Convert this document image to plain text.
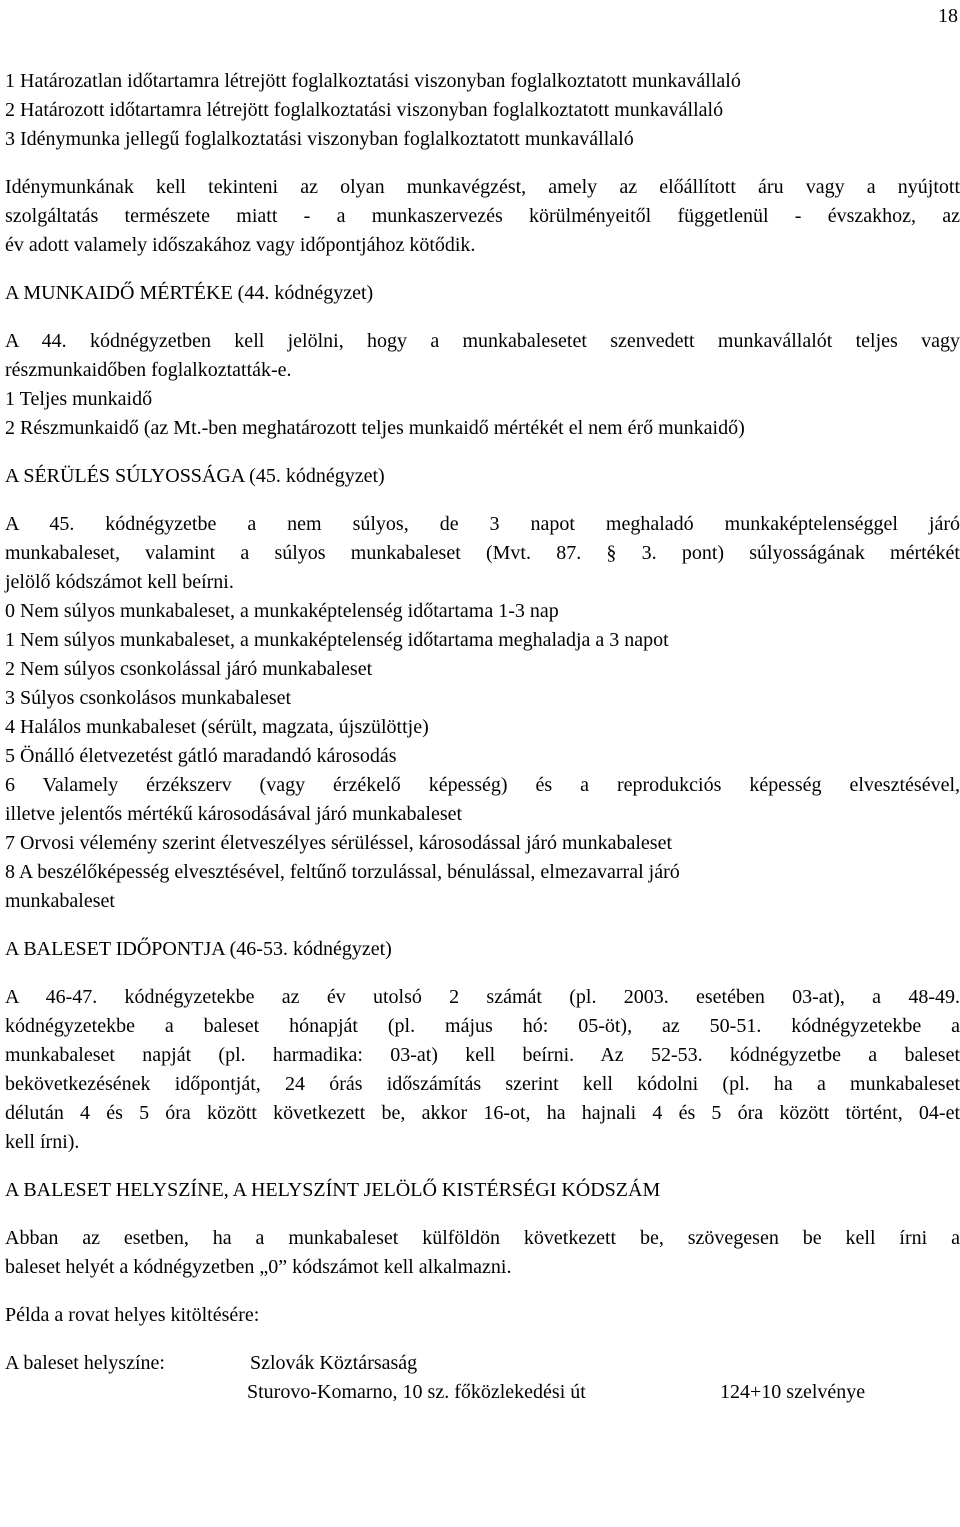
18
1 Határozatlan időtartamra létrejött foglalkoztatási viszonyban foglalkoztatott munkavállaló
2 Határozott időtartamra létrejött foglalkoztatási viszonyban foglalkoztatott munkavállaló
3 Idénymunka jellegű foglalkoztatási viszonyban foglalkoztatott munkavállaló
Idénymunkának kell tekinteni az olyan munkavégzést, amely az előállított áru vagy a nyújtott
szolgáltatás természete miatt - a munkaszervezés körülményeitől függetlenül - évszakhoz, az
év adott valamely időszakához vagy időpontjához kötődik.
A MUNKAIDŐ MÉRTÉKE (44. kódnégyzet)
A 44. kódnégyzetben kell jelölni, hogy a munkabalesetet szenvedett munkavállalót teljes vagy
részmunkaidőben foglalkoztatták-e.
1 Teljes munkaidő
2 Részmunkaidő (az Mt.-ben meghatározott teljes munkaidő mértékét el nem érő munkaidő)
A SÉRÜLÉS SÚLYOSSÁGA (45. kódnégyzet)
A 45. kódnégyzetbe a nem súlyos, de 3 napot meghaladó munkaképtelenséggel járó
munkabaleset, valamint a súlyos munkabaleset (Mvt. 87. § 3. pont) súlyosságának mértékét
jelölő kódszámot kell beírni.
0 Nem súlyos munkabaleset, a munkaképtelenség időtartama 1-3 nap
1 Nem súlyos munkabaleset, a munkaképtelenség időtartama meghaladja a 3 napot
2 Nem súlyos csonkolással járó munkabaleset
3 Súlyos csonkolásos munkabaleset
4 Halálos munkabaleset (sérült, magzata, újszülöttje)
5 Önálló életvezetést gátló maradandó károsodás
6 Valamely érzékszerv (vagy érzékelő képesség) és a reprodukciós képesség elvesztésével,
illetve jelentős mértékű károsodásával járó munkabaleset
7 Orvosi vélemény szerint életveszélyes sérüléssel, károsodással járó munkabaleset
8 A beszélőképesség elvesztésével, feltűnő torzulással, bénulással, elmezavarral járó
munkabaleset
A BALESET IDŐPONTJA (46-53. kódnégyzet)
A 46-47. kódnégyzetekbe az év utolsó 2 számát (pl. 2003. esetében 03-at), a 48-49.
kódnégyzetekbe a baleset hónapját (pl. május hó: 05-öt), az 50-51. kódnégyzetekbe a
munkabaleset napját (pl. harmadika: 03-at) kell beírni. Az 52-53. kódnégyzetbe a baleset
bekövetkezésének időpontját, 24 órás időszámítás szerint kell kódolni (pl. ha a munkabaleset
délután 4 és 5 óra között következett be, akkor 16-ot, ha hajnali 4 és 5 óra között történt, 04-et
kell írni).
A BALESET HELYSZÍNE, A HELYSZÍNT JELÖLŐ KISTÉRSÉGI KÓDSZÁM
Abban az esetben, ha a munkabaleset külföldön következett be, szövegesen be kell írni a
baleset helyét a kódnégyzetben „0” kódszámot kell alkalmazni.
Példa a rovat helyes kitöltésére:
A baleset helyszíne:	Szlovák Köztársaság
Sturovo-Komarno, 10 sz. főközlekedési út	124+10 szelvénye
